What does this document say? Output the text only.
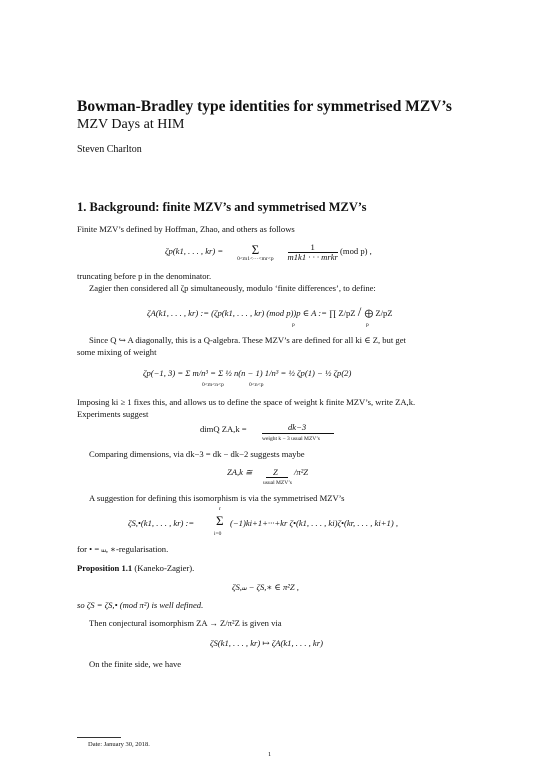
Bowman-Bradley type identities for symmetrised MZV’s
MZV Days at HIM
Steven Charlton
1. Background: finite MZV’s and symmetrised MZV’s
Finite MZV’s defined by Hoffman, Zhao, and others as follows
ζp(k1, . . . , kr) = Σ
0<m1<···<mr<p
	$\frac{1}{\text{m1k1 · · · mrkr}} (mod$ p) ,
truncating before p in the denominator.
Zagier then considered all ζp simultaneously, modulo ‘finite differences’, to define:
ζA(k1, . . . , kr) := (ζp(k1, . . . , kr) (mod p))p ∈ A := ∏ Z/pZ / ⨁ Z/pZ
p	p
Since Q ↪ A diagonally, this is a Q-algebra. These MZV’s are defined for all ki ∈ Z, but get
some mixing of weight
ζp(−1, 3) = Σ m/n³ = Σ ½ n(n − 1) 1/n³ = ½ ζp(1) − ½ ζp(2)
0<m<n<p	0<n<p
Imposing ki ≥ 1 fixes this, and allows us to define the space of weight k finite MZV’s, write ZA,k.
Experiments suggest
dimQ ZA,k =	dk−3
weight k − 3 usual MZV’s
Comparing dimensions, via dk−3 = dk − dk−2 suggests maybe
ZA,k ≅ Z
usual MZV’s
/π²Z
A suggestion for defining this isomorphism is via the symmetrised MZV’s
ζS,•(k1, . . . , kr) := Σ
r
i=0
(−1)ki+1+···+kr ζ•(k1, . . . , ki)ζ•(kr, . . . , ki+1) ,
for • = ⧢, ∗-regularisation.
Proposition 1.1 (Kaneko-Zagier).
ζS,⧢ − ζS,∗ ∈ π²Z ,
so ζS = ζS,• (mod π²) is well defined.
Then conjectural isomorphism ZA → Z/π²Z is given via
ζS(k1, . . . , kr) ↦ ζA(k1, . . . , kr)
On the finite side, we have
Date: January 30, 2018.
1
